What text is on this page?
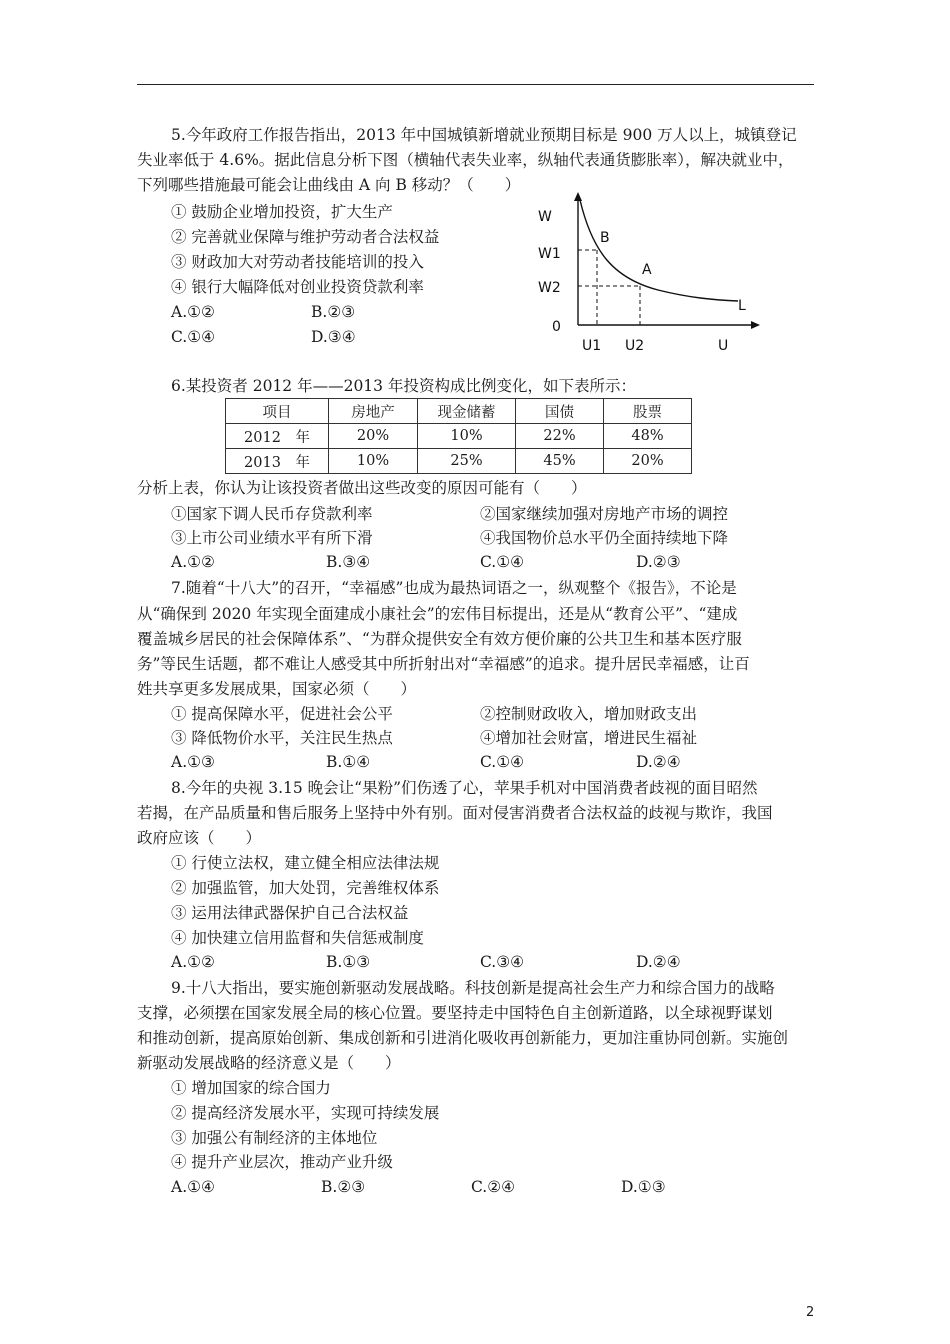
5.今年政府工作报告指出，2013 年中国城镇新增就业预期目标是 900 万人以上，城镇登记
失业率低于 4.6%。据此信息分析下图（横轴代表失业率，纵轴代表通货膨胀率），解决就业中，
下列哪些措施最可能会让曲线由 A 向 B 移动？（　　）
① 鼓励企业增加投资，扩大生产
② 完善就业保障与维护劳动者合法权益
③ 财政加大对劳动者技能培训的投入
④ 银行大幅降低对创业投资贷款利率
A.①②	B.②③
C.①④	D.③④
W
W1
W2
0
U1 U2	U
B
A
L
6.某投资者 2012 年——2013 年投资构成比例变化，如下表所示：
项目	房地产	现金储蓄	国债	股票
2012　年	20%	10%	22%	48%
2013　年	10%	25%	45%	20%
分析上表，你认为让该投资者做出这些改变的原因可能有（　　）
①国家下调人民币存贷款利率	②国家继续加强对房地产市场的调控
③上市公司业绩水平有所下滑	④我国物价总水平仍全面持续地下降
A.①②	B.③④	C.①④	D.②③
7.随着“十八大”的召开，“幸福感”也成为最热词语之一，纵观整个《报告》，不论是
从“确保到 2020 年实现全面建成小康社会”的宏伟目标提出，还是从“教育公平”、“建成
覆盖城乡居民的社会保障体系”、“为群众提供安全有效方便价廉的公共卫生和基本医疗服
务”等民生话题，都不难让人感受其中所折射出对“幸福感”的追求。提升居民幸福感，让百
姓共享更多发展成果，国家必须（　　）
① 提高保障水平，促进社会公平	②控制财政收入，增加财政支出
③ 降低物价水平，关注民生热点	④增加社会财富，增进民生福祉
A.①③	B.①④	C.①④	D.②④
8.今年的央视 3.15 晚会让“果粉”们伤透了心，苹果手机对中国消费者歧视的面目昭然
若揭，在产品质量和售后服务上坚持中外有别。面对侵害消费者合法权益的歧视与欺诈，我国
政府应该（　　）
① 行使立法权，建立健全相应法律法规
② 加强监管，加大处罚，完善维权体系
③ 运用法律武器保护自己合法权益
④ 加快建立信用监督和失信惩戒制度
A.①②	B.①③	C.③④	D.②④
9.十八大指出，要实施创新驱动发展战略。科技创新是提高社会生产力和综合国力的战略
支撑，必须摆在国家发展全局的核心位置。要坚持走中国特色自主创新道路，以全球视野谋划
和推动创新，提高原始创新、集成创新和引进消化吸收再创新能力，更加注重协同创新。实施创
新驱动发展战略的经济意义是（　　）
① 增加国家的综合国力
② 提高经济发展水平，实现可持续发展
③ 加强公有制经济的主体地位
④ 提升产业层次，推动产业升级
A.①④	B.②③	C.②④	D.①③
2
